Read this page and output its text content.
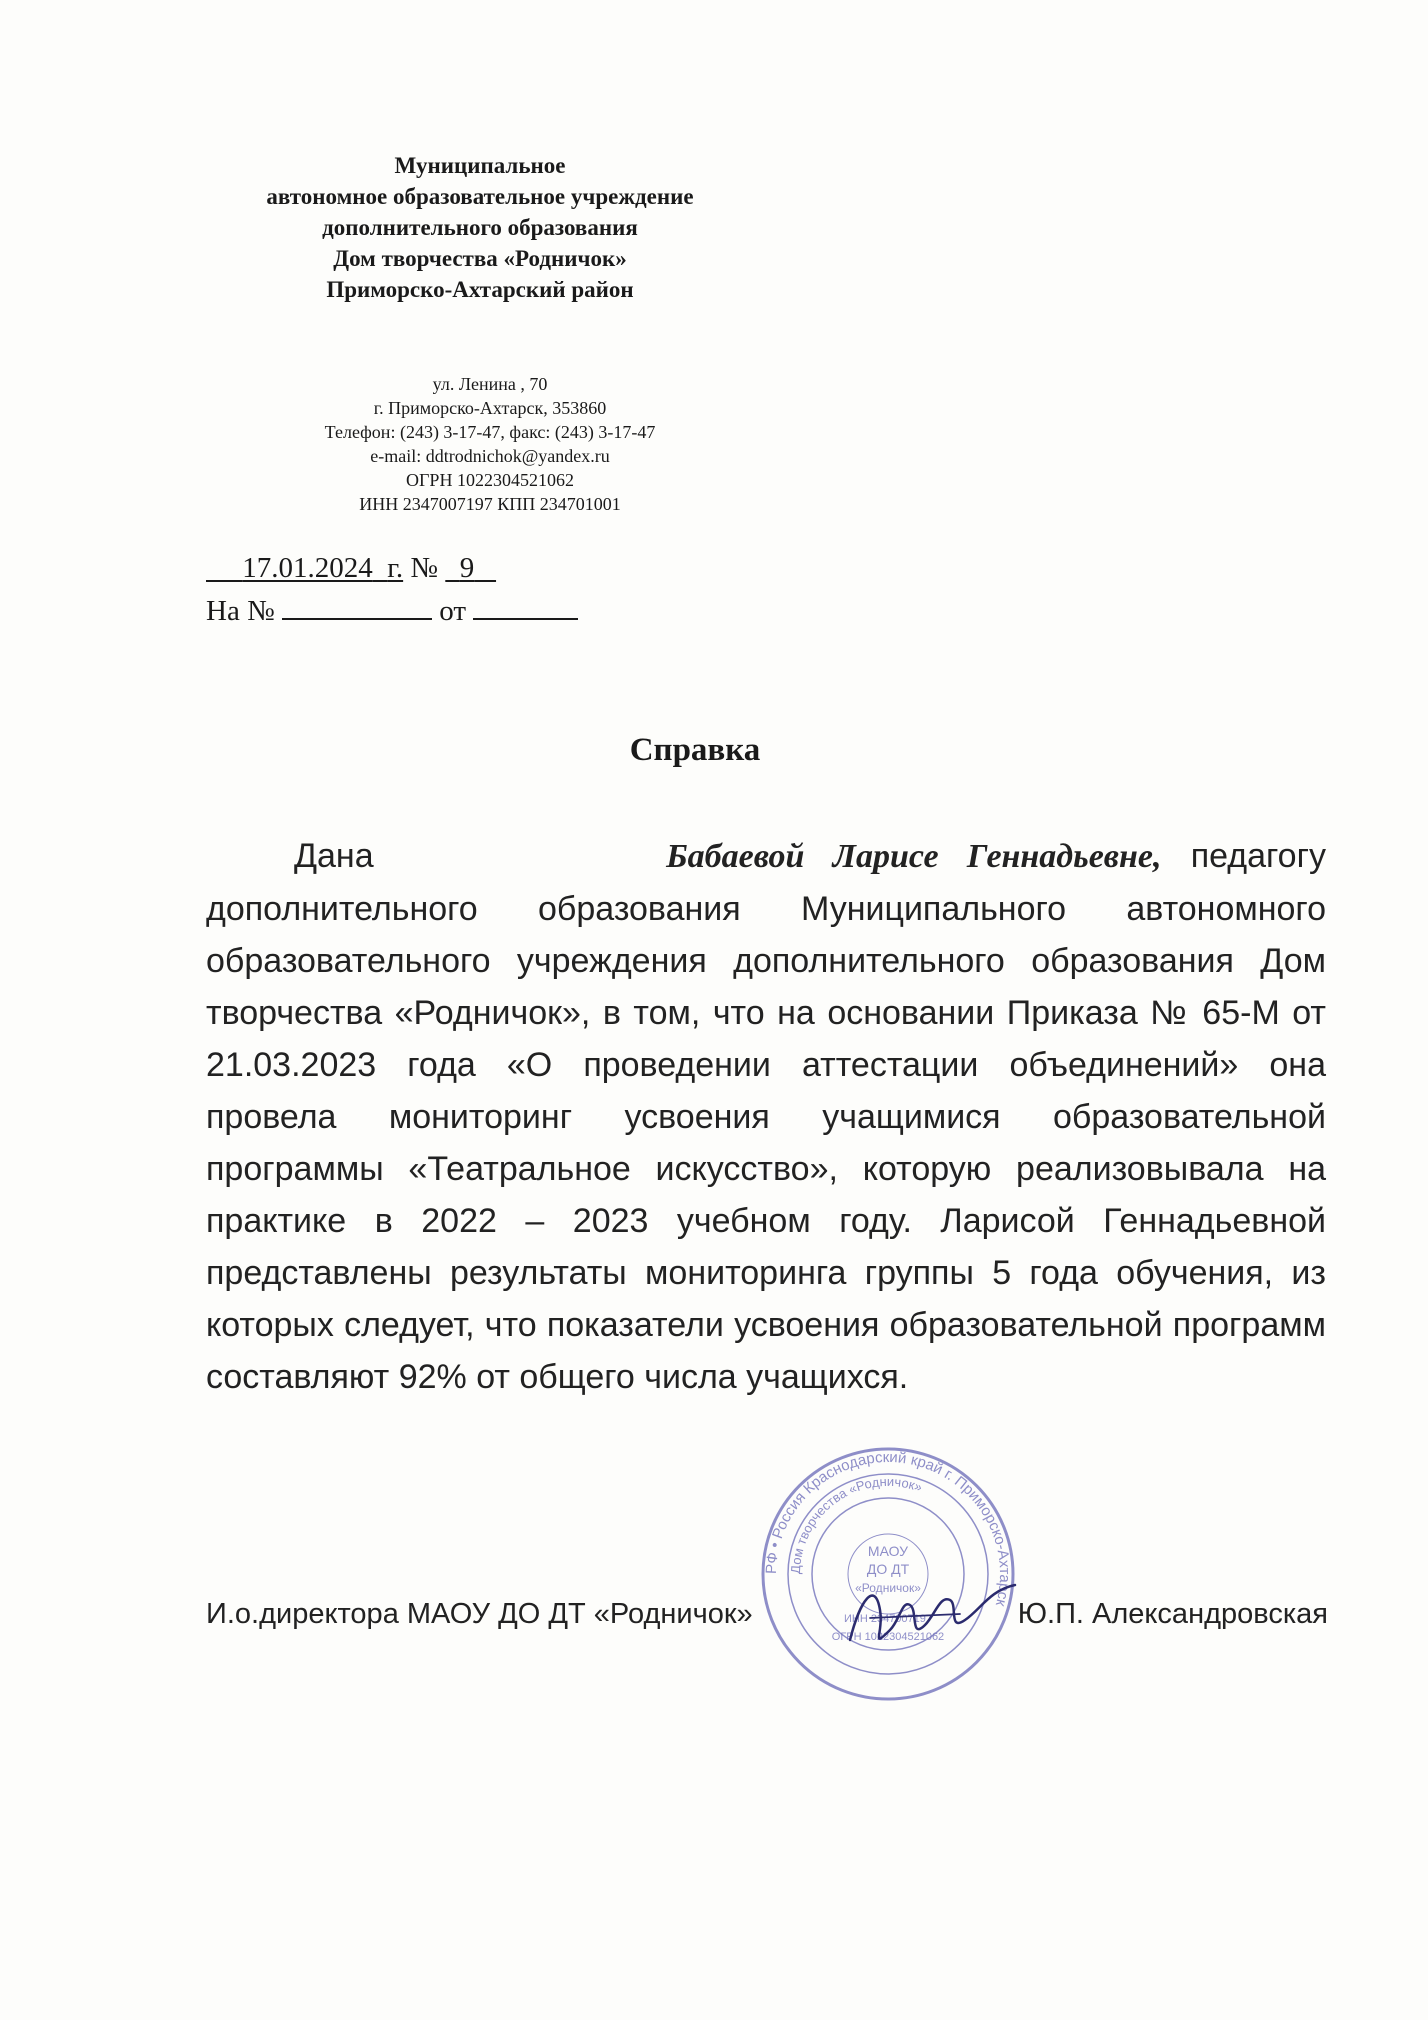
Муниципальное
автономное образовательное учреждение
дополнительного образования
Дом творчества «Родничок»
Приморско-Ахтарский район
ул. Ленина , 70
г. Приморско-Ахтарск, 353860
Телефон: (243) 3-17-47, факс: (243) 3-17-47
e-mail: ddtrodnichok@yandex.ru
ОГРН 1022304521062
ИНН 2347007197 КПП 234701001
17.01.2024 г. № 9
На №	от
Справка

Дана	Бабаевой Ларисе Геннадьевне, педагогу дополнительного образования Муниципального автономного образовательного учреждения дополнительного образования Дом творчества «Родничок», в том, что на основании Приказа № 65-М от 21.03.2023 года «О проведении аттестации объединений» она провела мониторинг усвоения учащимися образовательной программы «Театральное искусство», которую реализовывала на практике в 2022 – 2023 учебном году. Ларисой Геннадьевной представлены результаты мониторинга группы 5 года обучения, из которых следует, что показатели усвоения образовательной программ составляют 92% от общего числа учащихся.

РФ • Россия Краснодарский край г. Приморско-Ахтарск
Дом творчества «Родничок»
МАОУ
ДО ДТ
«Родничок»
ИНН 2347007197
ОГРН 1022304521062
И.о.директора МАОУ ДО ДТ «Родничок»	Ю.П. Александровская
